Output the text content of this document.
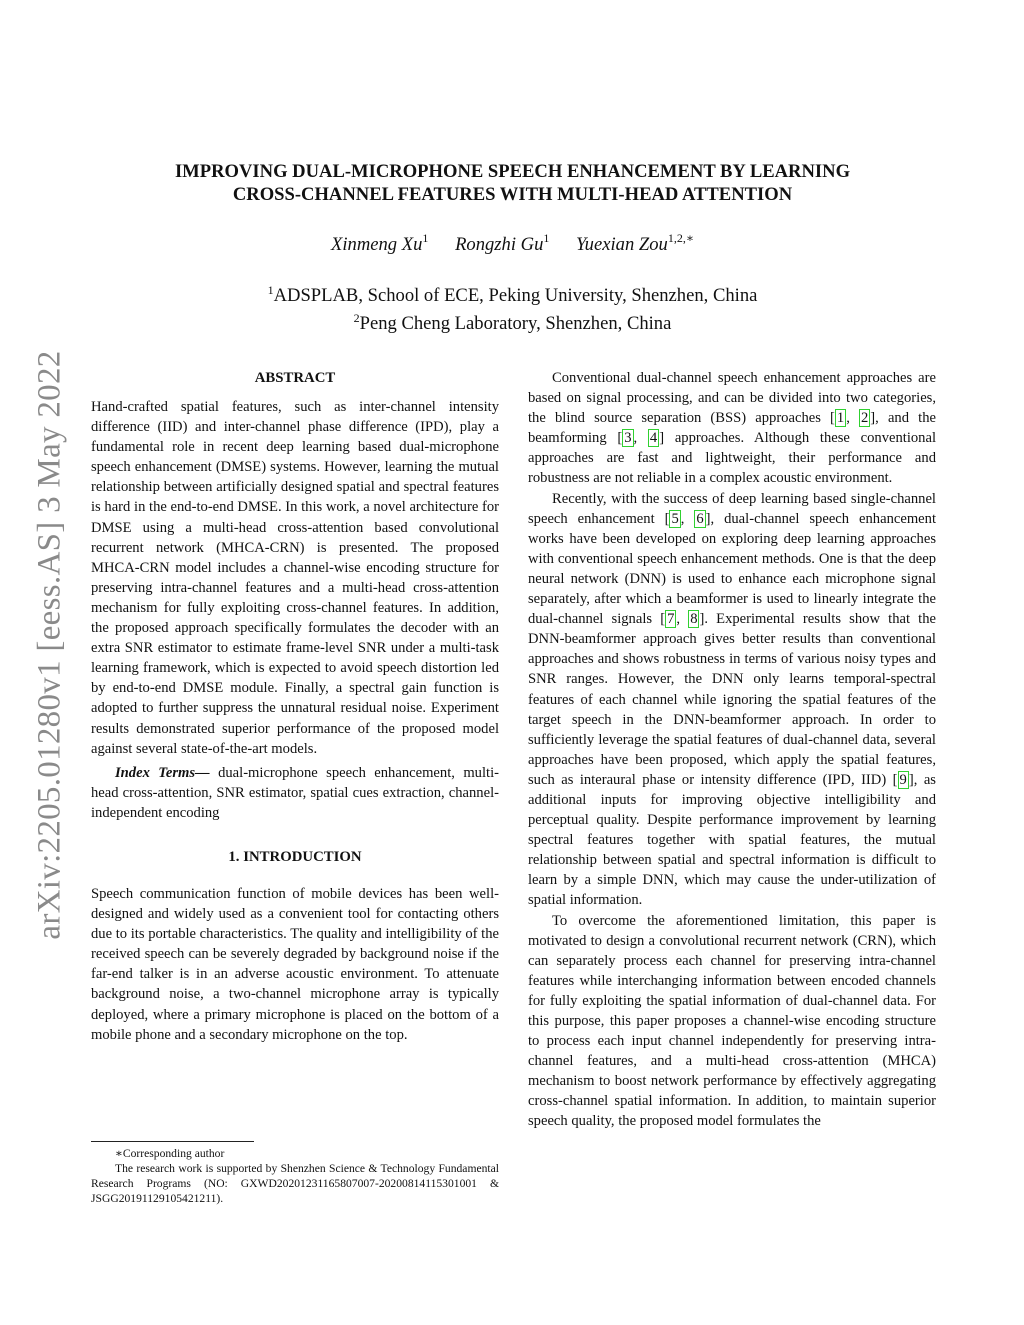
arXiv:2205.01280v1 [eess.AS] 3 May 2022
IMPROVING DUAL-MICROPHONE SPEECH ENHANCEMENT BY LEARNING
CROSS-CHANNEL FEATURES WITH MULTI-HEAD ATTENTION
Xinmeng Xu$^1$ Rongzhi Gu$^1$ Yuexian Zou$^{1,2,∗}$
$^1$ADSPLAB, School of ECE, Peking University, Shenzhen, China
$^2$Peng Cheng Laboratory, Shenzhen, China
ABSTRACT

Hand-crafted spatial features, such as inter-channel intensity difference (IID) and inter-channel phase difference (IPD), play a fundamental role in recent deep learning based dual-microphone speech enhancement (DMSE) systems. However, learning the mutual relationship between artificially designed spatial and spectral features is hard in the end-to-end DMSE. In this work, a novel architecture for DMSE using a multi-head cross-attention based convolutional recurrent network (MHCA-CRN) is presented. The proposed MHCA-CRN model includes a channel-wise encoding structure for preserving intra-channel features and a multi-head cross-attention mechanism for fully exploiting cross-channel features. In addition, the proposed approach specifically formulates the decoder with an extra SNR estimator to estimate frame-level SNR under a multi-task learning framework, which is expected to avoid speech distortion led by end-to-end DMSE module. Finally, a spectral gain function is adopted to further suppress the unnatural residual noise. Experiment results demonstrated superior performance of the proposed model against several state-of-the-art models.

Index Terms— dual-microphone speech enhancement, multi-head cross-attention, SNR estimator, spatial cues extraction, channel-independent encoding

1. INTRODUCTION

Speech communication function of mobile devices has been well-designed and widely used as a convenient tool for contacting others due to its portable characteristics. The quality and intelligibility of the received speech can be severely degraded by background noise if the far-end talker is in an adverse acoustic environment. To attenuate background noise, a two-channel microphone array is typically deployed, where a primary microphone is placed on the bottom of a mobile phone and a secondary microphone on the top.

Conventional dual-channel speech enhancement approaches are based on signal processing, and can be divided into two categories, the blind source separation (BSS) approaches [ 1 , 2 ], and the beamforming [ 3 , 4 ] approaches. Although these conventional approaches are fast and lightweight, their performance and robustness are not reliable in a complex acoustic environment.

Recently, with the success of deep learning based single-channel speech enhancement [ 5 , 6 ], dual-channel speech enhancement works have been developed on exploring deep learning approaches with conventional speech enhancement methods. One is that the deep neural network (DNN) is used to enhance each microphone signal separately, after which a beamformer is used to linearly integrate the dual-channel signals [ 7 , 8 ]. Experimental results show that the DNN-beamformer approach gives better results than conventional approaches and shows robustness in terms of various noisy types and SNR ranges. However, the DNN only learns temporal-spectral features of each channel while ignoring the spatial features of the target speech in the DNN-beamformer approach. In order to sufficiently leverage the spatial features of dual-channel data, several approaches have been proposed, which apply the spatial features, such as interaural phase or intensity difference (IPD, IID) [ 9 ], as additional inputs for improving objective intelligibility and perceptual quality. Despite performance improvement by learning spectral features together with spatial features, the mutual relationship between spatial and spectral information is difficult to learn by a simple DNN, which may cause the under-utilization of spatial information.

To overcome the aforementioned limitation, this paper is motivated to design a convolutional recurrent network (CRN), which can separately process each channel for preserving intra-channel features while interchanging information between encoded channels for fully exploiting the spatial information of dual-channel data. For this purpose, this paper proposes a channel-wise encoding structure to process each input channel independently for preserving intra-channel features, and a multi-head cross-attention (MHCA) mechanism to boost network performance by effectively aggregating cross-channel spatial information. In addition, to maintain superior speech quality, the proposed model formulates the

∗Corresponding author

The research work is supported by Shenzhen Science & Technology Fundamental Research Programs (NO: GXWD20201231165807007-20200814115301001 & JSGG20191129105421211).
